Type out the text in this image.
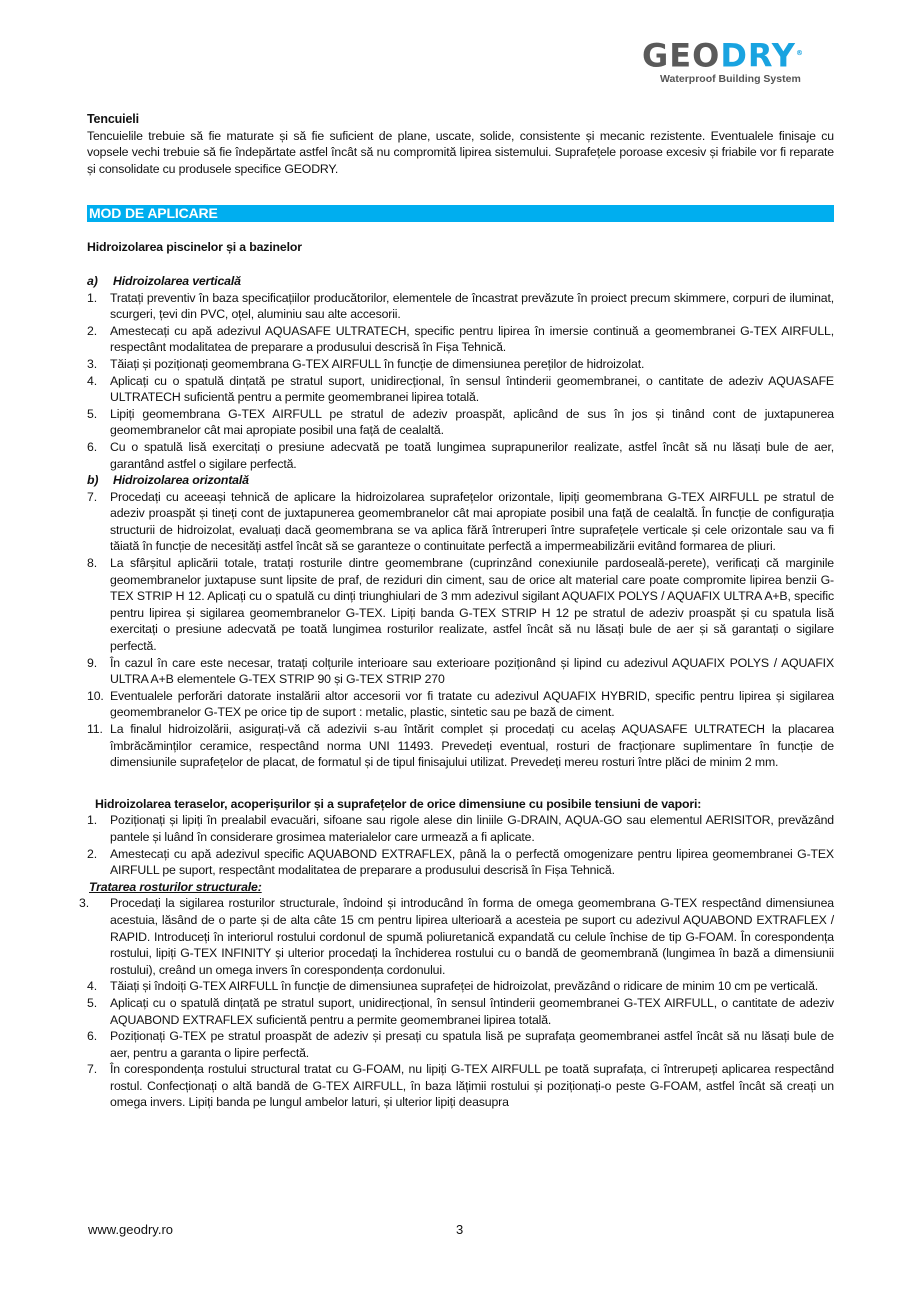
GEODRY®
Waterproof Building System
Tencuieli

Tencuielile trebuie să fie maturate și să fie suficient de plane, uscate, solide, consistente și mecanic rezistente. Eventualele finisaje cu vopsele vechi trebuie să fie îndepărtate astfel încât să nu compromită lipirea sistemului. Suprafețele poroase excesiv și friabile vor fi reparate și consolidate cu produsele specifice GEODRY.

MOD DE APLICARE
Hidroizolarea piscinelor și a bazinelor
a)	Hidroizolarea verticală
1.	Tratați preventiv în baza specificațiilor producătorilor, elementele de încastrat prevăzute în proiect precum skimmere, corpuri de iluminat, scurgeri, țevi din PVC, oțel, aluminiu sau alte accesorii.
2.	Amestecați cu apă adezivul AQUASAFE ULTRATECH, specific pentru lipirea în imersie continuă a geomembranei G-TEX AIRFULL, respectânt modalitatea de preparare a produsului descrisă în Fișa Tehnică.
3.	Tăiați și poziționați geomembrana G-TEX AIRFULL în funcție de dimensiunea pereților de hidroizolat.
4.	Aplicați cu o spatulă dințată pe stratul suport, unidirecțional, în sensul întinderii geomembranei, o cantitate de adeziv AQUASAFE ULTRATECH suficientă pentru a permite geomembranei lipirea totală.
5.	Lipiți geomembrana G-TEX AIRFULL pe stratul de adeziv proaspăt, aplicând de sus în jos și tinând cont de juxtapunerea geomembranelor cât mai apropiate posibil una față de cealaltă.
6.	Cu o spatulă lisă exercitați o presiune adecvată pe toată lungimea suprapunerilor realizate, astfel încât să nu lăsați bule de aer, garantând astfel o sigilare perfectă.
b)	Hidroizolarea orizontală
7.	Procedați cu aceeași tehnică de aplicare la hidroizolarea suprafețelor orizontale, lipiți geomembrana G-TEX AIRFULL pe stratul de adeziv proaspăt și tineți cont de juxtapunerea geomembranelor cât mai apropiate posibil una față de cealaltă. În funcție de configurația structurii de hidroizolat, evaluați dacă geomembrana se va aplica fără întreruperi între suprafețele verticale și cele orizontale sau va fi tăiată în funcție de necesități astfel încât să se garanteze o continuitate perfectă a impermeabilizării evitând formarea de pliuri.
8.	La sfârșitul aplicării totale, tratați rosturile dintre geomembrane (cuprinzând conexiunile pardoseală-perete), verificați că marginile geomembranelor juxtapuse sunt lipsite de praf, de reziduri din ciment, sau de orice alt material care poate compromite lipirea benzii G-TEX STRIP H 12. Aplicați cu o spatulă cu dinți triunghiulari de 3 mm adezivul sigilant AQUAFIX POLYS / AQUAFIX ULTRA A+B, specific pentru lipirea și sigilarea geomembranelor G-TEX. Lipiți banda G-TEX STRIP H 12 pe stratul de adeziv proaspăt și cu spatula lisă exercitați o presiune adecvată pe toată lungimea rosturilor realizate, astfel încât să nu lăsați bule de aer și să garantați o sigilare perfectă.
9.	În cazul în care este necesar, tratați colțurile interioare sau exterioare poziționând și lipind cu adezivul AQUAFIX POLYS / AQUAFIX ULTRA A+B elementele G-TEX STRIP 90 și G-TEX STRIP 270
10. Eventualele perforări datorate instalării altor accesorii vor fi tratate cu adezivul AQUAFIX HYBRID, specific pentru lipirea și sigilarea geomembranelor G-TEX pe orice tip de suport : metalic, plastic, sintetic sau pe bază de ciment.
11. La finalul hidroizolării, asigurați-vă că adezivii s-au întărit complet și procedați cu acelaș AQUASAFE ULTRATECH la placarea îmbrăcăminților ceramice, respectând norma UNI 11493. Prevedeți eventual, rosturi de fracționare suplimentare în funcție de dimensiunile suprafețelor de placat, de formatul și de tipul finisajului utilizat. Prevedeți mereu rosturi între plăci de minim 2 mm.
Hidroizolarea teraselor, acoperișurilor și a suprafețelor de orice dimensiune cu posibile tensiuni de vapori:
1.	Poziționați și lipiți în prealabil evacuări, sifoane sau rigole alese din liniile G-DRAIN, AQUA-GO sau elementul AERISITOR, prevăzând pantele și luând în considerare grosimea materialelor care urmează a fi aplicate.
2.	Amestecați cu apă adezivul specific AQUABOND EXTRAFLEX, până la o perfectă omogenizare pentru lipirea geomembranei G-TEX AIRFULL pe suport, respectânt modalitatea de preparare a produsului descrisă în Fișa Tehnică.
Tratarea rosturilor structurale:
3.	Procedați la sigilarea rosturilor structurale, îndoind și introducând în forma de omega geomembrana G-TEX respectând dimensiunea acestuia, lăsând de o parte și de alta câte 15 cm pentru lipirea ulterioară a acesteia pe suport cu adezivul AQUABOND EXTRAFLEX / RAPID. Introduceți în interiorul rostului cordonul de spumă poliuretanică expandată cu celule închise de tip G-FOAM. În corespondența rostului, lipiți G-TEX INFINITY și ulterior procedați la închiderea rostului cu o bandă de geomembrană (lungimea în bază a dimensiunii rostului), creând un omega invers în corespondența cordonului.
4.	Tăiați și îndoiți G-TEX AIRFULL în funcție de dimensiunea suprafeței de hidroizolat, prevăzând o ridicare de minim 10 cm pe verticală.
5.	Aplicați cu o spatulă dințată pe stratul suport, unidirecțional, în sensul întinderii geomembranei G-TEX AIRFULL, o cantitate de adeziv AQUABOND EXTRAFLEX suficientă pentru a permite geomembranei lipirea totală.
6.	Poziționați G-TEX pe stratul proaspăt de adeziv și presați cu spatula lisă pe suprafața geomembranei astfel încât să nu lăsați bule de aer, pentru a garanta o lipire perfectă.
7.	În corespondența rostului structural tratat cu G-FOAM, nu lipiți G-TEX AIRFULL pe toată suprafața, ci întrerupeți aplicarea respectând rostul. Confecționați o altă bandă de G-TEX AIRFULL, în baza lățimii rostului și poziționați-o peste G-FOAM, astfel încât să creați un omega invers. Lipiți banda pe lungul ambelor laturi, și ulterior lipiți deasupra
www.geodry.ro	3
